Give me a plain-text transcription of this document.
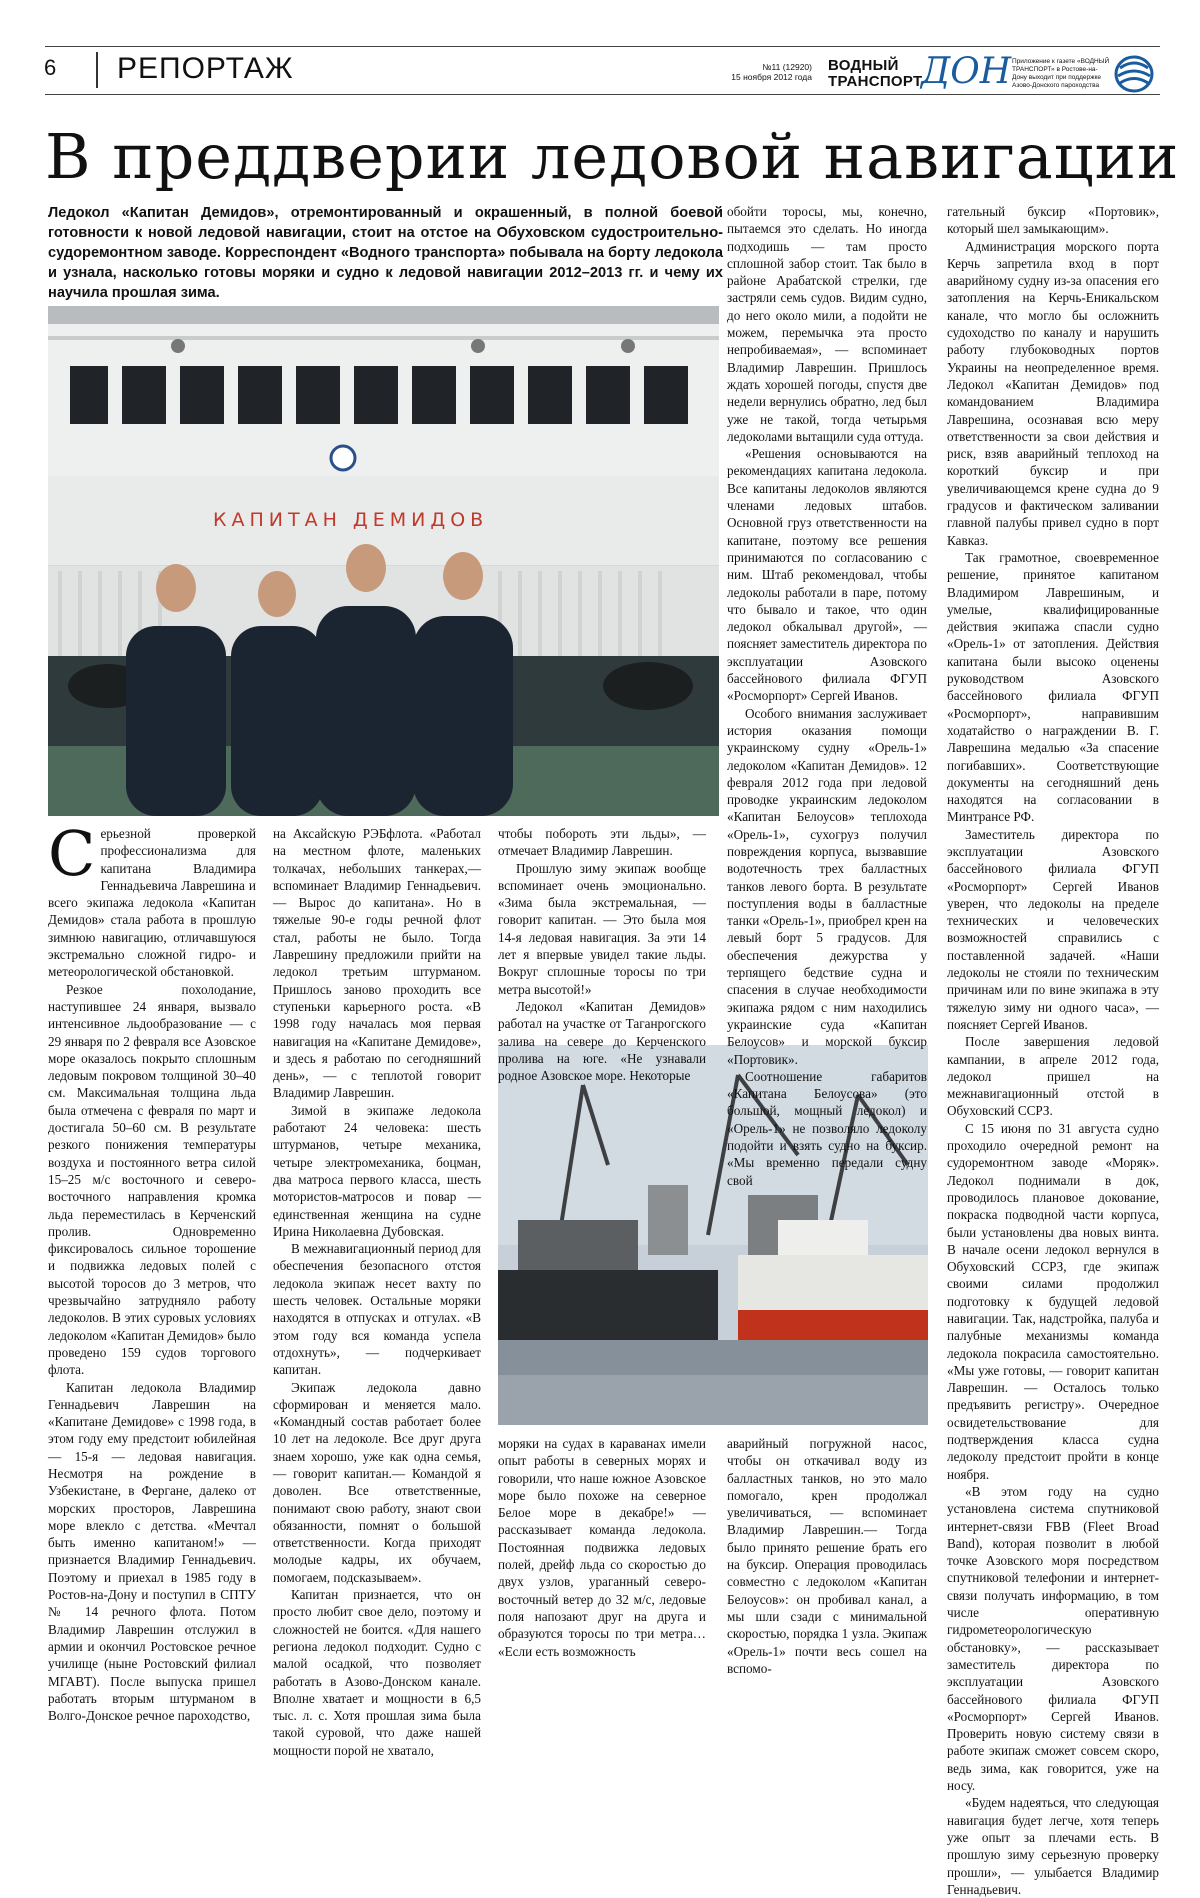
6 РЕПОРТАЖ	№11 (12920)
15 ноября 2012 года
ВОДНЫЙ
ТРАНСПОРТ
ДОН Приложение к газете «ВОДНЫЙ ТРАНСПОРТ» в Ростове-на-Дону выходит при поддержке Азово-Донского пароходства
В преддверии ледовой навигации
Ледокол «Капитан Демидов», отремонтированный и окрашенный, в полной боевой готовности к новой ледовой навигации, стоит на отстое на Обуховском судостроительно-судоремонтном заводе. Корреспондент «Водного транспорта» побывала на борту ледокола и узнала, насколько готовы моряки и судно к ледовой навигации 2012–2013 гг. и чему их научила прошлая зима.
КАПИТАН ДЕМИДОВ

Серьезной проверкой профессионализма для капитана Владимира Геннадьевича Лаврешина и всего экипажа ледокола «Капитан Демидов» стала работа в прошлую зимнюю навигацию, отличавшуюся экстремально сложной гидро- и метеорологической обстановкой.

Резкое похолодание, наступившее 24 января, вызвало интенсивное льдообразование — с 29 января по 2 февраля все Азовское море оказалось покрыто сплошным ледовым покровом толщиной 30–40 см. Максимальная толщина льда была отмечена с февраля по март и достигала 50–60 см. В результате резкого понижения температуры воздуха и постоянного ветра силой 15–25 м/с восточного и северо-восточного направления кромка льда переместилась в Керченский пролив. Одновременно фиксировалось сильное торошение и подвижка ледовых полей с высотой торосов до 3 метров, что чрезвычайно затрудняло работу ледоколов. В этих суровых условиях ледоколом «Капитан Демидов» было проведено 159 судов торгового флота.

Капитан ледокола Владимир Геннадьевич Лаврешин на «Капитане Демидове» с 1998 года, в этом году ему предстоит юбилейная — 15-я — ледовая навигация. Несмотря на рождение в Узбекистане, в Фергане, далеко от морских просторов, Лаврешина море влекло с детства. «Мечтал быть именно капитаном!» — признается Владимир Геннадьевич. Поэтому и приехал в 1985 году в Ростов-на-Дону и поступил в СПТУ № 14 речного флота. Потом Владимир Лаврешин отслужил в армии и окончил Ростовское речное училище (ныне Ростовский филиал МГАВТ). После выпуска пришел работать вторым штурманом в Волго-Донское речное пароходство,

на Аксайскую РЭБфлота. «Работал на местном флоте, маленьких толкачах, небольших танкерах,— вспоминает Владимир Геннадьевич.— Вырос до капитана». Но в тяжелые 90-е годы речной флот стал, работы не было. Тогда Лаврешину предложили прийти на ледокол третьим штурманом. Пришлось заново проходить все ступеньки карьерного роста. «В 1998 году началась моя первая навигация на «Капитане Демидове», и здесь я работаю по сегодняшний день», — с теплотой говорит Владимир Лаврешин.

Зимой в экипаже ледокола работают 24 человека: шесть штурманов, четыре механика, четыре электромеханика, боцман, два матроса первого класса, шесть мотористов-матросов и повар — единственная женщина на судне Ирина Николаевна Дубовская.

В межнавигационный период для обеспечения безопасного отстоя ледокола экипаж несет вахту по шесть человек. Остальные моряки находятся в отпусках и отгулах. «В этом году вся команда успела отдохнуть», — подчеркивает капитан.

Экипаж ледокола давно сформирован и меняется мало. «Командный состав работает более 10 лет на ледоколе. Все друг друга знаем хорошо, уже как одна семья, — говорит капитан.— Командой я доволен. Все ответственные, понимают свою работу, знают свои обязанности, помнят о большой ответственности. Когда приходят молодые кадры, их обучаем, помогаем, подсказываем».

Капитан признается, что он просто любит свое дело, поэтому и сложностей не боится. «Для нашего региона ледокол подходит. Судно с малой осадкой, что позволяет работать в Азово-Донском канале. Вполне хватает и мощности в 6,5 тыс. л. с. Хотя прошлая зима была такой суровой, что даже нашей мощности порой не хватало,

чтобы побороть эти льды», — отмечает Владимир Лаврешин.

Прошлую зиму экипаж вообще вспоминает очень эмоционально. «Зима была экстремальная, — говорит капитан. — Это была моя 14-я ледовая навигация. За эти 14 лет я впервые увидел такие льды. Вокруг сплошные торосы по три метра высотой!»

Ледокол «Капитан Демидов» работал на участке от Таганрогского залива на севере до Керченского пролива на юге. «Не узнавали родное Азовское море. Некоторые

моряки на судах в караванах имели опыт работы в северных морях и говорили, что наше южное Азовское море было похоже на северное Белое море в декабре!» — рассказывает команда ледокола. Постоянная подвижка ледовых полей, дрейф льда со скоростью до двух узлов, ураганный северо-восточный ветер до 32 м/с, ледовые поля напозают друг на друга и образуются торосы по три метра… «Если есть возможность

обойти торосы, мы, конечно, пытаемся это сделать. Но иногда подходишь — там просто сплошной забор стоит. Так было в районе Арабатской стрелки, где застряли семь судов. Видим судно, до него около мили, а подойти не можем, перемычка эта просто непробиваемая», — вспоминает Владимир Лаврешин. Пришлось ждать хорошей погоды, спустя две недели вернулись обратно, лед был уже не такой, тогда четырьмя ледоколами вытащили суда оттуда.

«Решения основываются на рекомендациях капитана ледокола. Все капитаны ледоколов являются членами ледовых штабов. Основной груз ответственности на капитане, поэтому все решения принимаются по согласованию с ним. Штаб рекомендовал, чтобы ледоколы работали в паре, потому что бывало и такое, что один ледокол обкалывал другой», — поясняет заместитель директора по эксплуатации Азовского бассейнового филиала ФГУП «Росморпорт» Сергей Иванов.

Особого внимания заслуживает история оказания помощи украинскому судну «Орель-1» ледоколом «Капитан Демидов». 12 февраля 2012 года при ледовой проводке украинским ледоколом «Капитан Белоусов» теплохода «Орель-1», сухогруз получил повреждения корпуса, вызвавшие водотечность трех балластных танков левого борта. В результате поступления воды в балластные танки «Орель-1», приобрел крен на левый борт 5 градусов. Для обеспечения дежурства у терпящего бедствие судна и спасения в случае необходимости экипажа рядом с ним находились украинские суда «Капитан Белоусов» и морской буксир «Портовик».

Соотношение габаритов «Капитана Белоусова» (это большой, мощный ледокол) и «Орель-1» не позволяло ледоколу подойти и взять судно на буксир. «Мы временно передали судну свой

аварийный погружной насос, чтобы он откачивал воду из балластных танков, но это мало помогало, крен продолжал увеличиваться, — вспоминает Владимир Лаврешин.— Тогда было принято решение брать его на буксир. Операция проводилась совместно с ледоколом «Капитан Белоусов»: он пробивал канал, а мы шли сзади с минимальной скоростью, порядка 1 узла. Экипаж «Орель-1» почти весь сошел на вспомо-

гательный буксир «Портовик», который шел замыкающим».

Администрация морского порта Керчь запретила вход в порт аварийному судну из-за опасения его затопления на Керчь-Еникальском канале, что могло бы осложнить судоходство по каналу и нарушить работу глубоководных портов Украины на неопределенное время. Ледокол «Капитан Демидов» под командованием Владимира Лаврешина, осознавая всю меру ответственности за свои действия и риск, взяв аварийный теплоход на короткий буксир и при увеличивающемся крене судна до 9 градусов и фактическом заливании главной палубы привел судно в порт Кавказ.

Так грамотное, своевременное решение, принятое капитаном Владимиром Лаврешиным, и умелые, квалифицированные действия экипажа спасли судно «Орель-1» от затопления. Действия капитана были высоко оценены руководством Азовского бассейнового филиала ФГУП «Росморпорт», направившим ходатайство о награждении В. Г. Лаврешина медалью «За спасение погибавших». Соответствующие документы на сегодняшний день находятся на согласовании в Минтрансе РФ.

Заместитель директора по эксплуатации Азовского бассейнового филиала ФГУП «Росморпорт» Сергей Иванов уверен, что ледоколы на пределе технических и человеческих возможностей справились с поставленной задачей. «Наши ледоколы не стояли по техническим причинам или по вине экипажа в эту тяжелую зиму ни одного часа», — поясняет Сергей Иванов.

После завершения ледовой кампании, в апреле 2012 года, ледокол пришел на межнавигационный отстой в Обуховский ССРЗ.

С 15 июня по 31 августа судно проходило очередной ремонт на судоремонтном заводе «Моряк». Ледокол поднимали в док, проводилось плановое докование, покраска подводной части корпуса, были установлены два новых винта. В начале осени ледокол вернулся в Обуховский ССРЗ, где экипаж своими силами продолжил подготовку к будущей ледовой навигации. Так, надстройка, палуба и палубные механизмы команда ледокола покрасила самостоятельно. «Мы уже готовы, — говорит капитан Лаврешин. — Осталось только предъявить регистру». Очередное освидетельствование для подтверждения класса судна ледоколу предстоит пройти в конце ноября.

«В этом году на судно установлена система спутниковой интернет-связи FBB (Fleet Broad Band), которая позволит в любой точке Азовского моря посредством спутниковой телефонии и интернет-связи получать информацию, в том числе оперативную гидрометеорологическую обстановку», — рассказывает заместитель директора по эксплуатации Азовского бассейнового филиала ФГУП «Росморпорт» Сергей Иванов. Проверить новую систему связи в работе экипаж сможет совсем скоро, ведь зима, как говорится, уже на носу.

«Будем надеяться, что следующая навигация будет легче, хотя теперь уже опыт за плечами есть. В прошлую зиму серьезную проверку прошли», — улыбается Владимир Геннадьевич.
